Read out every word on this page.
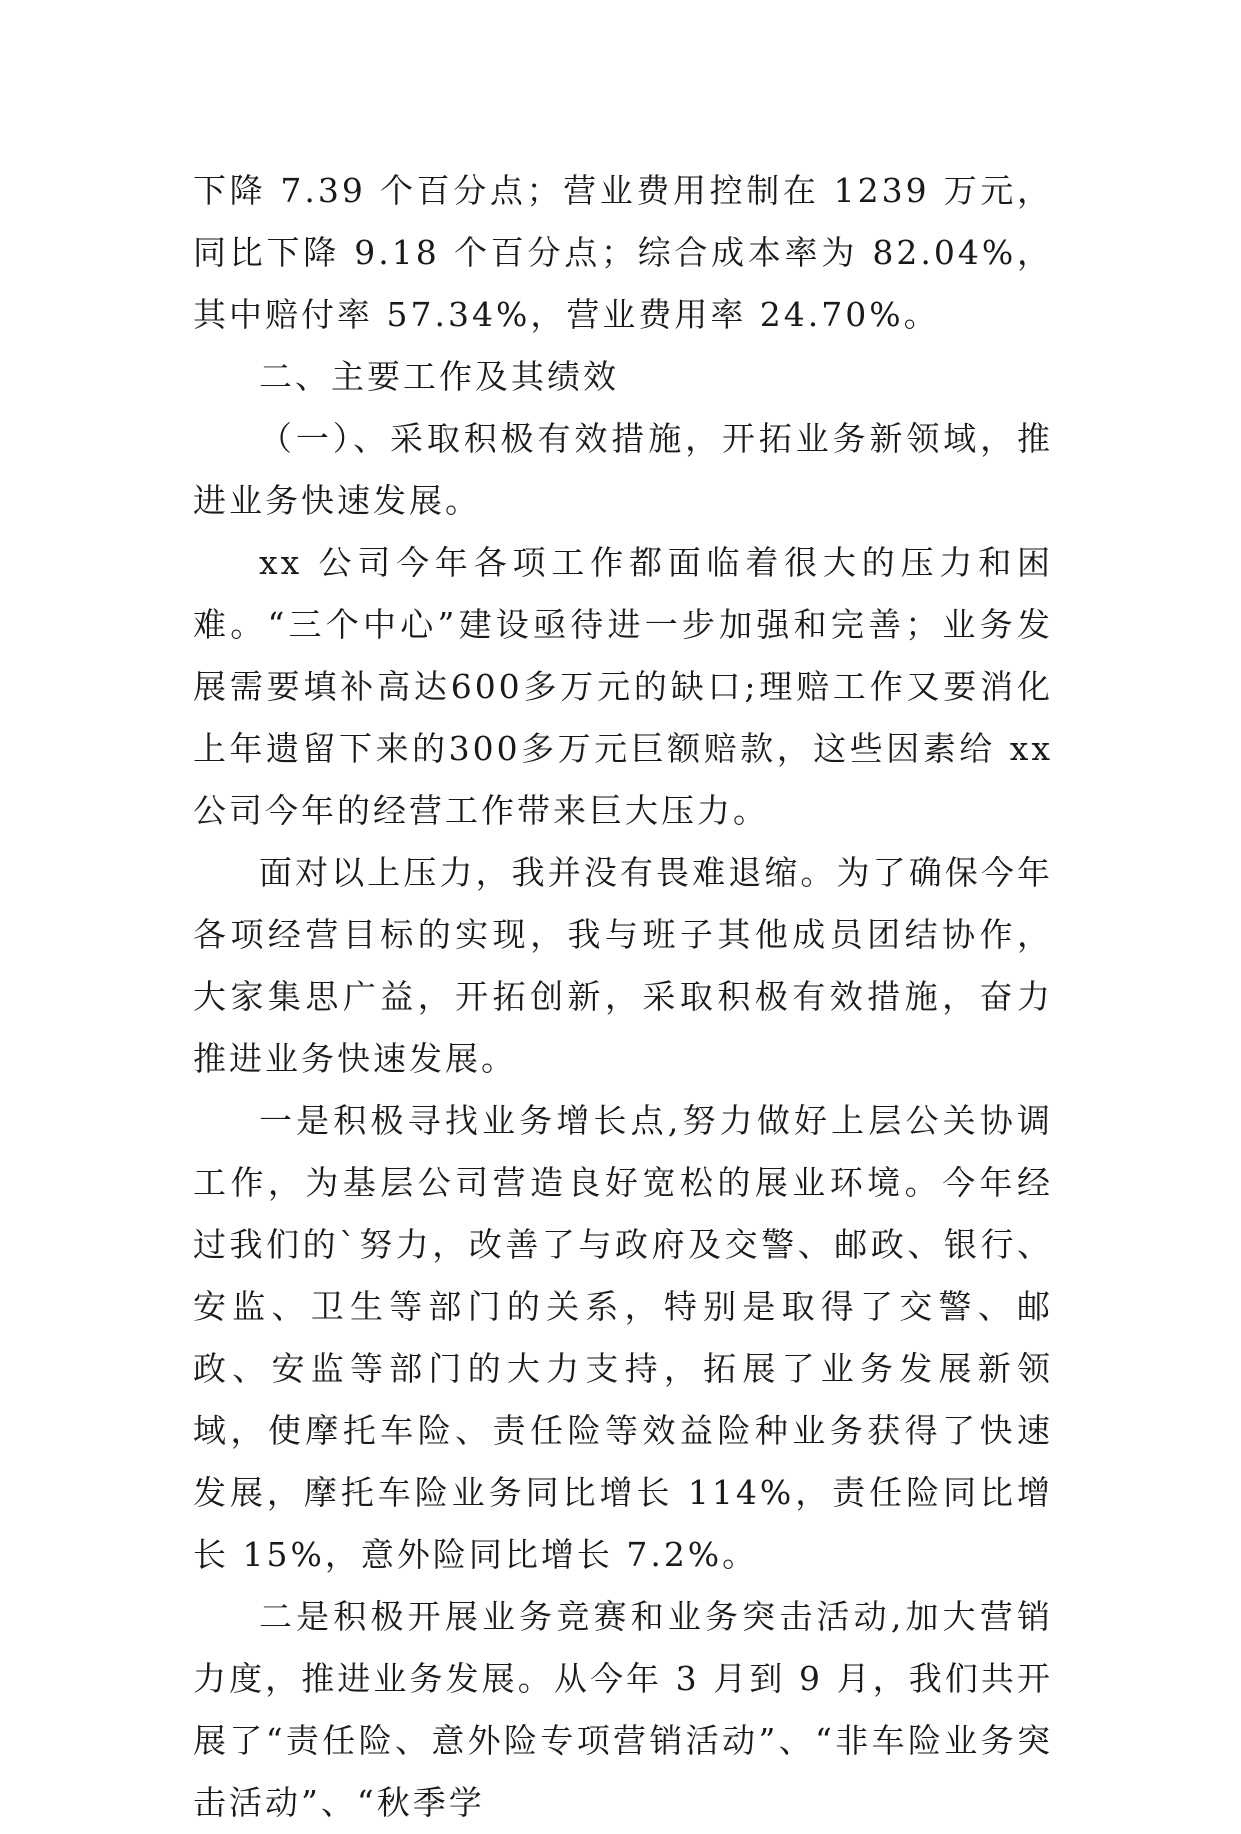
下降 7.39 个百分点；营业费用控制在 1239 万元，同比下降 9.18 个百分点；综合成本率为 82.04%，其中赔付率 57.34%，营业费用率 24.70%。

二、主要工作及其绩效

（一）、采取积极有效措施，开拓业务新领域，推进业务快速发展。

xx 公司今年各项工作都面临着很大的压力和困难。“三个中心”建设亟待进一步加强和完善；业务发展需要填补高达600多万元的缺口;理赔工作又要消化上年遗留下来的300多万元巨额赔款，这些因素给 xx 公司今年的经营工作带来巨大压力。

面对以上压力，我并没有畏难退缩。为了确保今年各项经营目标的实现，我与班子其他成员团结协作，大家集思广益，开拓创新，采取积极有效措施，奋力推进业务快速发展。

一是积极寻找业务增长点,努力做好上层公关协调工作，为基层公司营造良好宽松的展业环境。今年经过我们的`努力，改善了与政府及交警、邮政、银行、安监、卫生等部门的关系，特别是取得了交警、邮政、安监等部门的大力支持，拓展了业务发展新领域，使摩托车险、责任险等效益险种业务获得了快速发展，摩托车险业务同比增长 114%，责任险同比增长 15%，意外险同比增长 7.2%。

二是积极开展业务竞赛和业务突击活动,加大营销力度，推进业务发展。从今年 3 月到 9 月，我们共开展了“责任险、意外险专项营销活动”、“非车险业务突击活动”、“秋季学
